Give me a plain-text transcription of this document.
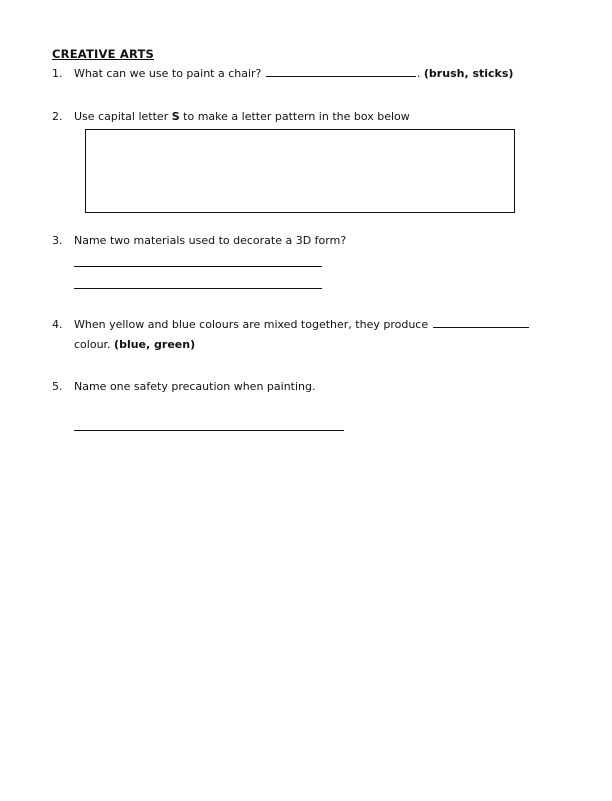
CREATIVE ARTS
1. What can we use to paint a chair?	. (brush, sticks)
2. Use capital letter S to make a letter pattern in the box below
3. Name two materials used to decorate a 3D form?
4. When yellow and blue colours are mixed together, they produce
colour. (blue, green)
5. Name one safety precaution when painting.
